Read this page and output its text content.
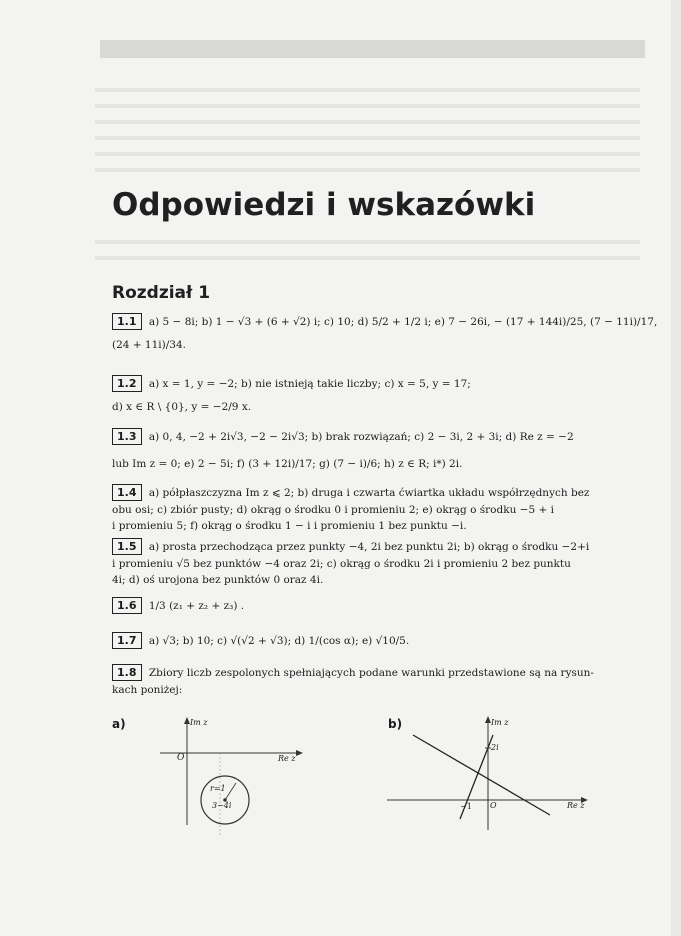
Odpowiedzi i wskazówki
Rozdział 1
1.1 a) 5 − 8i; b) 1 − √3 + (6 + √2) i; c) 10; d) 5/2 + 1/2 i; e) 7 − 26i, − (17 + 144i)/25, (7 − 11i)/17,
(24 + 11i)/34.
1.2 a) x = 1, y = −2; b) nie istnieją takie liczby; c) x = 5, y = 17;
d) x ∈ R \ {0}, y = −2/9 x.
1.3 a) 0, 4, −2 + 2i√3, −2 − 2i√3; b) brak rozwiązań; c) 2 − 3i, 2 + 3i; d) Re z = −2
lub Im z = 0; e) 2 − 5i; f) (3 + 12i)/17; g) (7 − i)/6; h) z ∈ R; i*) 2i.
1.4 a) półpłaszczyzna Im z ⩽ 2; b) druga i czwarta ćwiartka układu współrzędnych bez
obu osi; c) zbiór pusty; d) okrąg o środku 0 i promieniu 2; e) okrąg o środku −5 + i
i promieniu 5; f) okrąg o środku 1 − i i promieniu 1 bez punktu −i.
1.5 a) prosta przechodząca przez punkty −4, 2i bez punktu 2i; b) okrąg o środku −2+i
i promieniu √5 bez punktów −4 oraz 2i; c) okrąg o środku 2i i promieniu 2 bez punktu
4i; d) oś urojona bez punktów 0 oraz 4i.
1.6 1/3 (z₁ + z₂ + z₃) .
1.7 a) √3; b) 10; c) √(√2 + √3); d) 1/(cos α); e) √10/5.
1.8 Zbiory liczb zespolonych spełniających podane warunki przedstawione są na rysun-
kach poniżej:
a)	Im z
Re z
O
r=1
3−4i
b)	Im z
Re z
2i
−1 O
